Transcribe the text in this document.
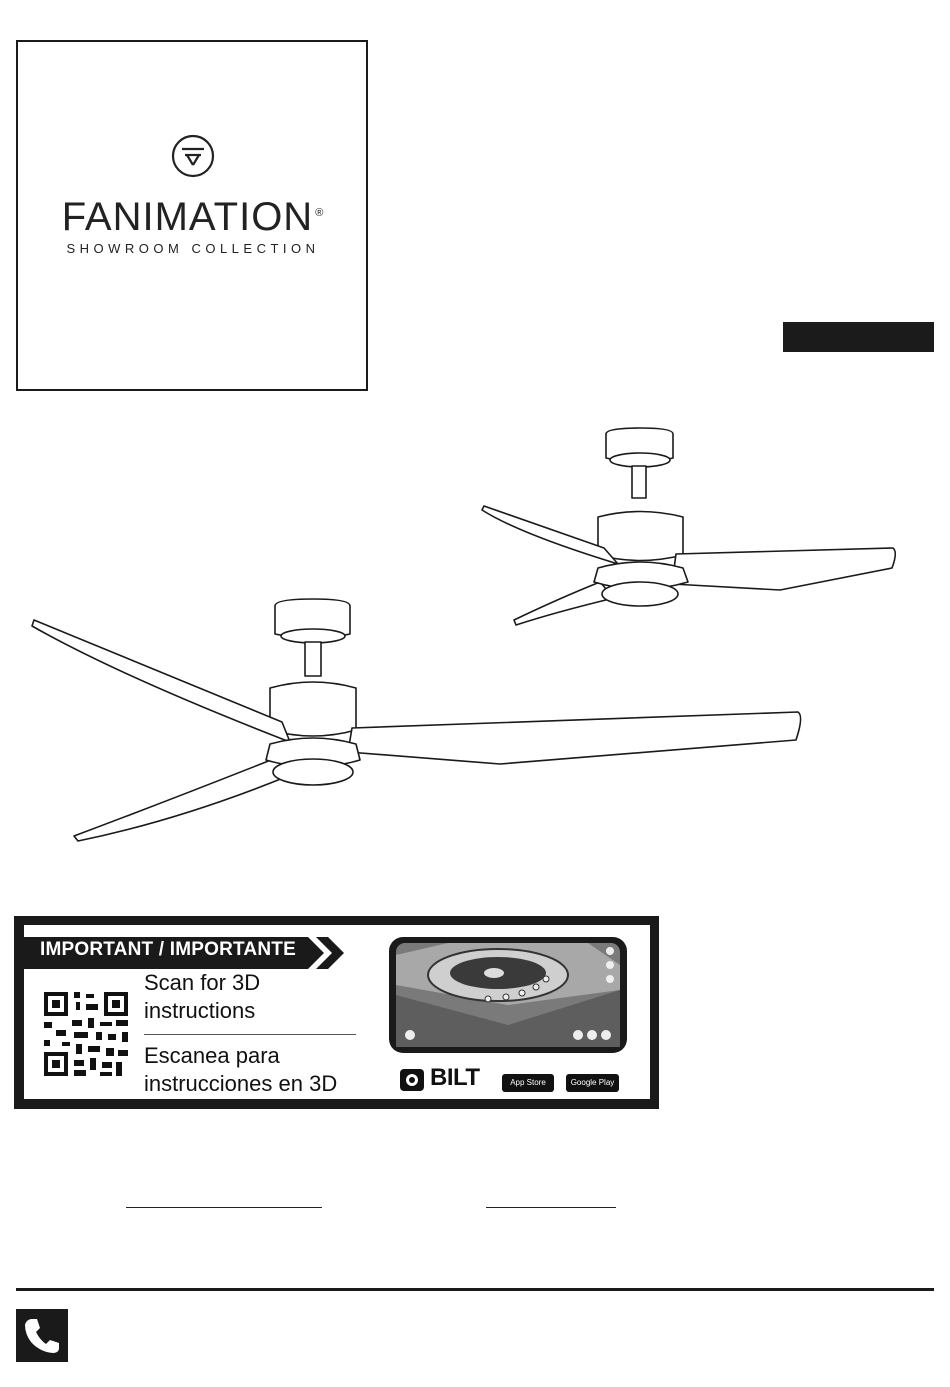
FANIMATION ®
SHOWROOM COLLECTION
IMPORTANT / IMPORTANTE
Scan for 3D
instructions
Escanea para
instrucciones en 3D	BILT	App Store	Google Play
